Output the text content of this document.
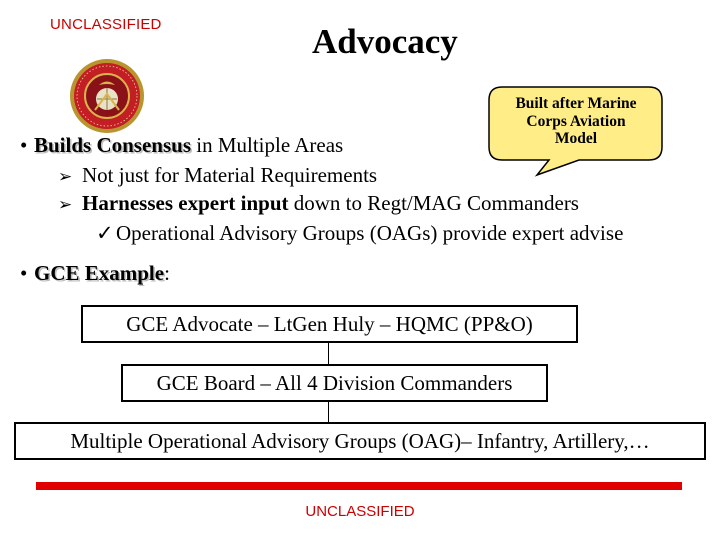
UNCLASSIFIED	Advocacy
Built after Marine
Corps Aviation
Model
• Builds Consensus in Multiple Areas
➢ Not just for Material Requirements
➢ Harnesses expert input down to Regt/MAG Commanders
✓ Operational Advisory Groups (OAGs) provide expert advise
• GCE Example:
GCE Advocate – LtGen Huly – HQMC (PP&O)
GCE Board – All 4 Division Commanders
Multiple Operational Advisory Groups (OAG)– Infantry, Artillery,…
UNCLASSIFIED
